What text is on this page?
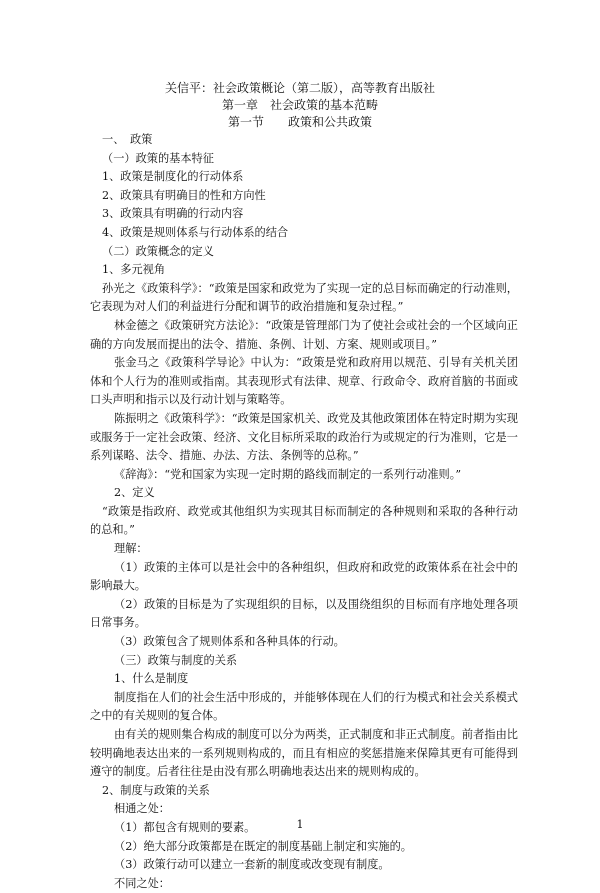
关信平：社会政策概论（第二版），高等教育出版社
第一章　社会政策的基本范畴
第一节　　政策和公共政策

一、　政策

（一）政策的基本特征

1、政策是制度化的行动体系

2、政策具有明确目的性和方向性

3、政策具有明确的行动内容

4、政策是规则体系与行动体系的结合

（二）政策概念的定义

1、多元视角

孙光之《政策科学》：“政策是国家和政党为了实现一定的总目标而确定的行动准则，它表现为对人们的利益进行分配和调节的政治措施和复杂过程。”

林金德之《政策研究方法论》：“政策是管理部门为了使社会或社会的一个区域向正确的方向发展而提出的法令、措施、条例、计划、方案、规则或项目。”

张金马之《政策科学导论》中认为：“政策是党和政府用以规范、引导有关机关团体和个人行为的准则或指南。其表现形式有法律、规章、行政命令、政府首脑的书面或口头声明和指示以及行动计划与策略等。

陈振明之《政策科学》：“政策是国家机关、政党及其他政策团体在特定时期为实现或服务于一定社会政策、经济、文化目标所采取的政治行为或规定的行为准则，它是一系列谋略、法令、措施、办法、方法、条例等的总称。”

《辞海》：“党和国家为实现一定时期的路线而制定的一系列行动准则。”

2、定义

“政策是指政府、政党或其他组织为实现其目标而制定的各种规则和采取的各种行动的总和。”

理解：

（1）政策的主体可以是社会中的各种组织，但政府和政党的政策体系在社会中的影响最大。

（2）政策的目标是为了实现组织的目标，以及围绕组织的目标而有序地处理各项日常事务。

（3）政策包含了规则体系和各种具体的行动。

（三）政策与制度的关系

1、什么是制度

制度指在人们的社会生活中形成的，并能够体现在人们的行为模式和社会关系模式之中的有关规则的复合体。

由有关的规则集合构成的制度可以分为两类，正式制度和非正式制度。前者指由比较明确地表达出来的一系列规则构成的，而且有相应的奖惩措施来保障其更有可能得到遵守的制度。后者往往是由没有那么明确地表达出来的规则构成的。

2、制度与政策的关系

相通之处：

（1）都包含有规则的要素。

（2）绝大部分政策都是在既定的制度基础上制定和实施的。

（3）政策行动可以建立一套新的制度或改变现有制度。

不同之处：

1
